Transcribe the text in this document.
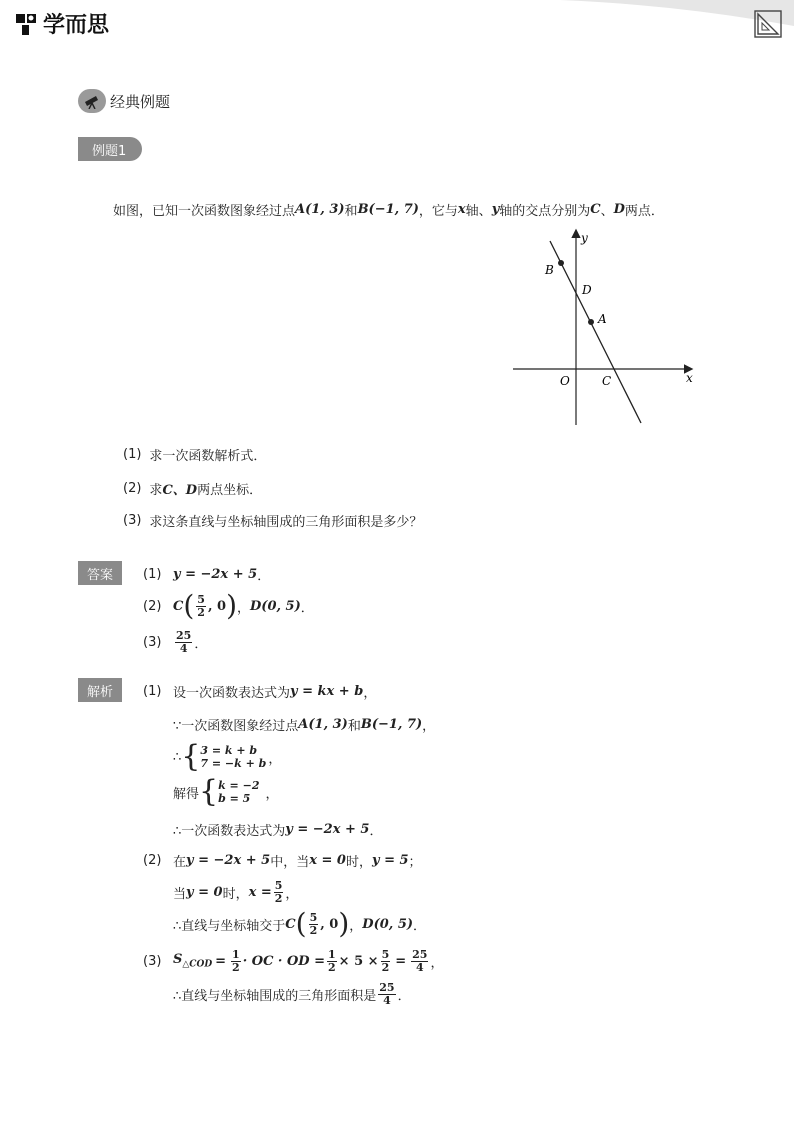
学而思
经典例题
例题1
如图，已知一次函数图象经过点 A(1, 3) 和 B(−1, 7) ，它与 x 轴、 y 轴的交点分别为 C 、 D 两点．
y
x
O
B
D
A
C
(1) 求一次函数解析式．
(2) 求 C、D 两点坐标．
(3) 求这条直线与坐标轴围成的三角形面积是多少？
答案 (1) y = −2x + 5 ．
(2) C ( $\frac{5}{2}$ , 0 ) ， D(0, 5) ．
(3)	$\frac{25}{4}$ ．
解析 (1) 设一次函数表达式为 y = kx + b ，
∵一次函数图象经过点 A(1, 3) 和 B(−1, 7) ，
∴ { 3 = k + b
7 = −k + b ，
解得 { k = −2
b = 5	，
∴一次函数表达式为 y = −2x + 5 ．
(2) 在 y = −2x + 5 中，当 x = 0 时， y = 5 ；
当 y = 0 时， $x = \frac{5}{2}$ ，
∴直线与坐标轴交于 C ( $\frac{5}{2}$ , 0 ) ， D(0, 5) ．
(3) $S_{\triangle COD} = \frac{1}{2}$ · OC · OD = $\frac{1}{2} \times 5 \times \frac{5}{2} = \frac{25}{4}$ ，
∴直线与坐标轴围成的三角形面积是 $\frac{25}{4}$ ．
